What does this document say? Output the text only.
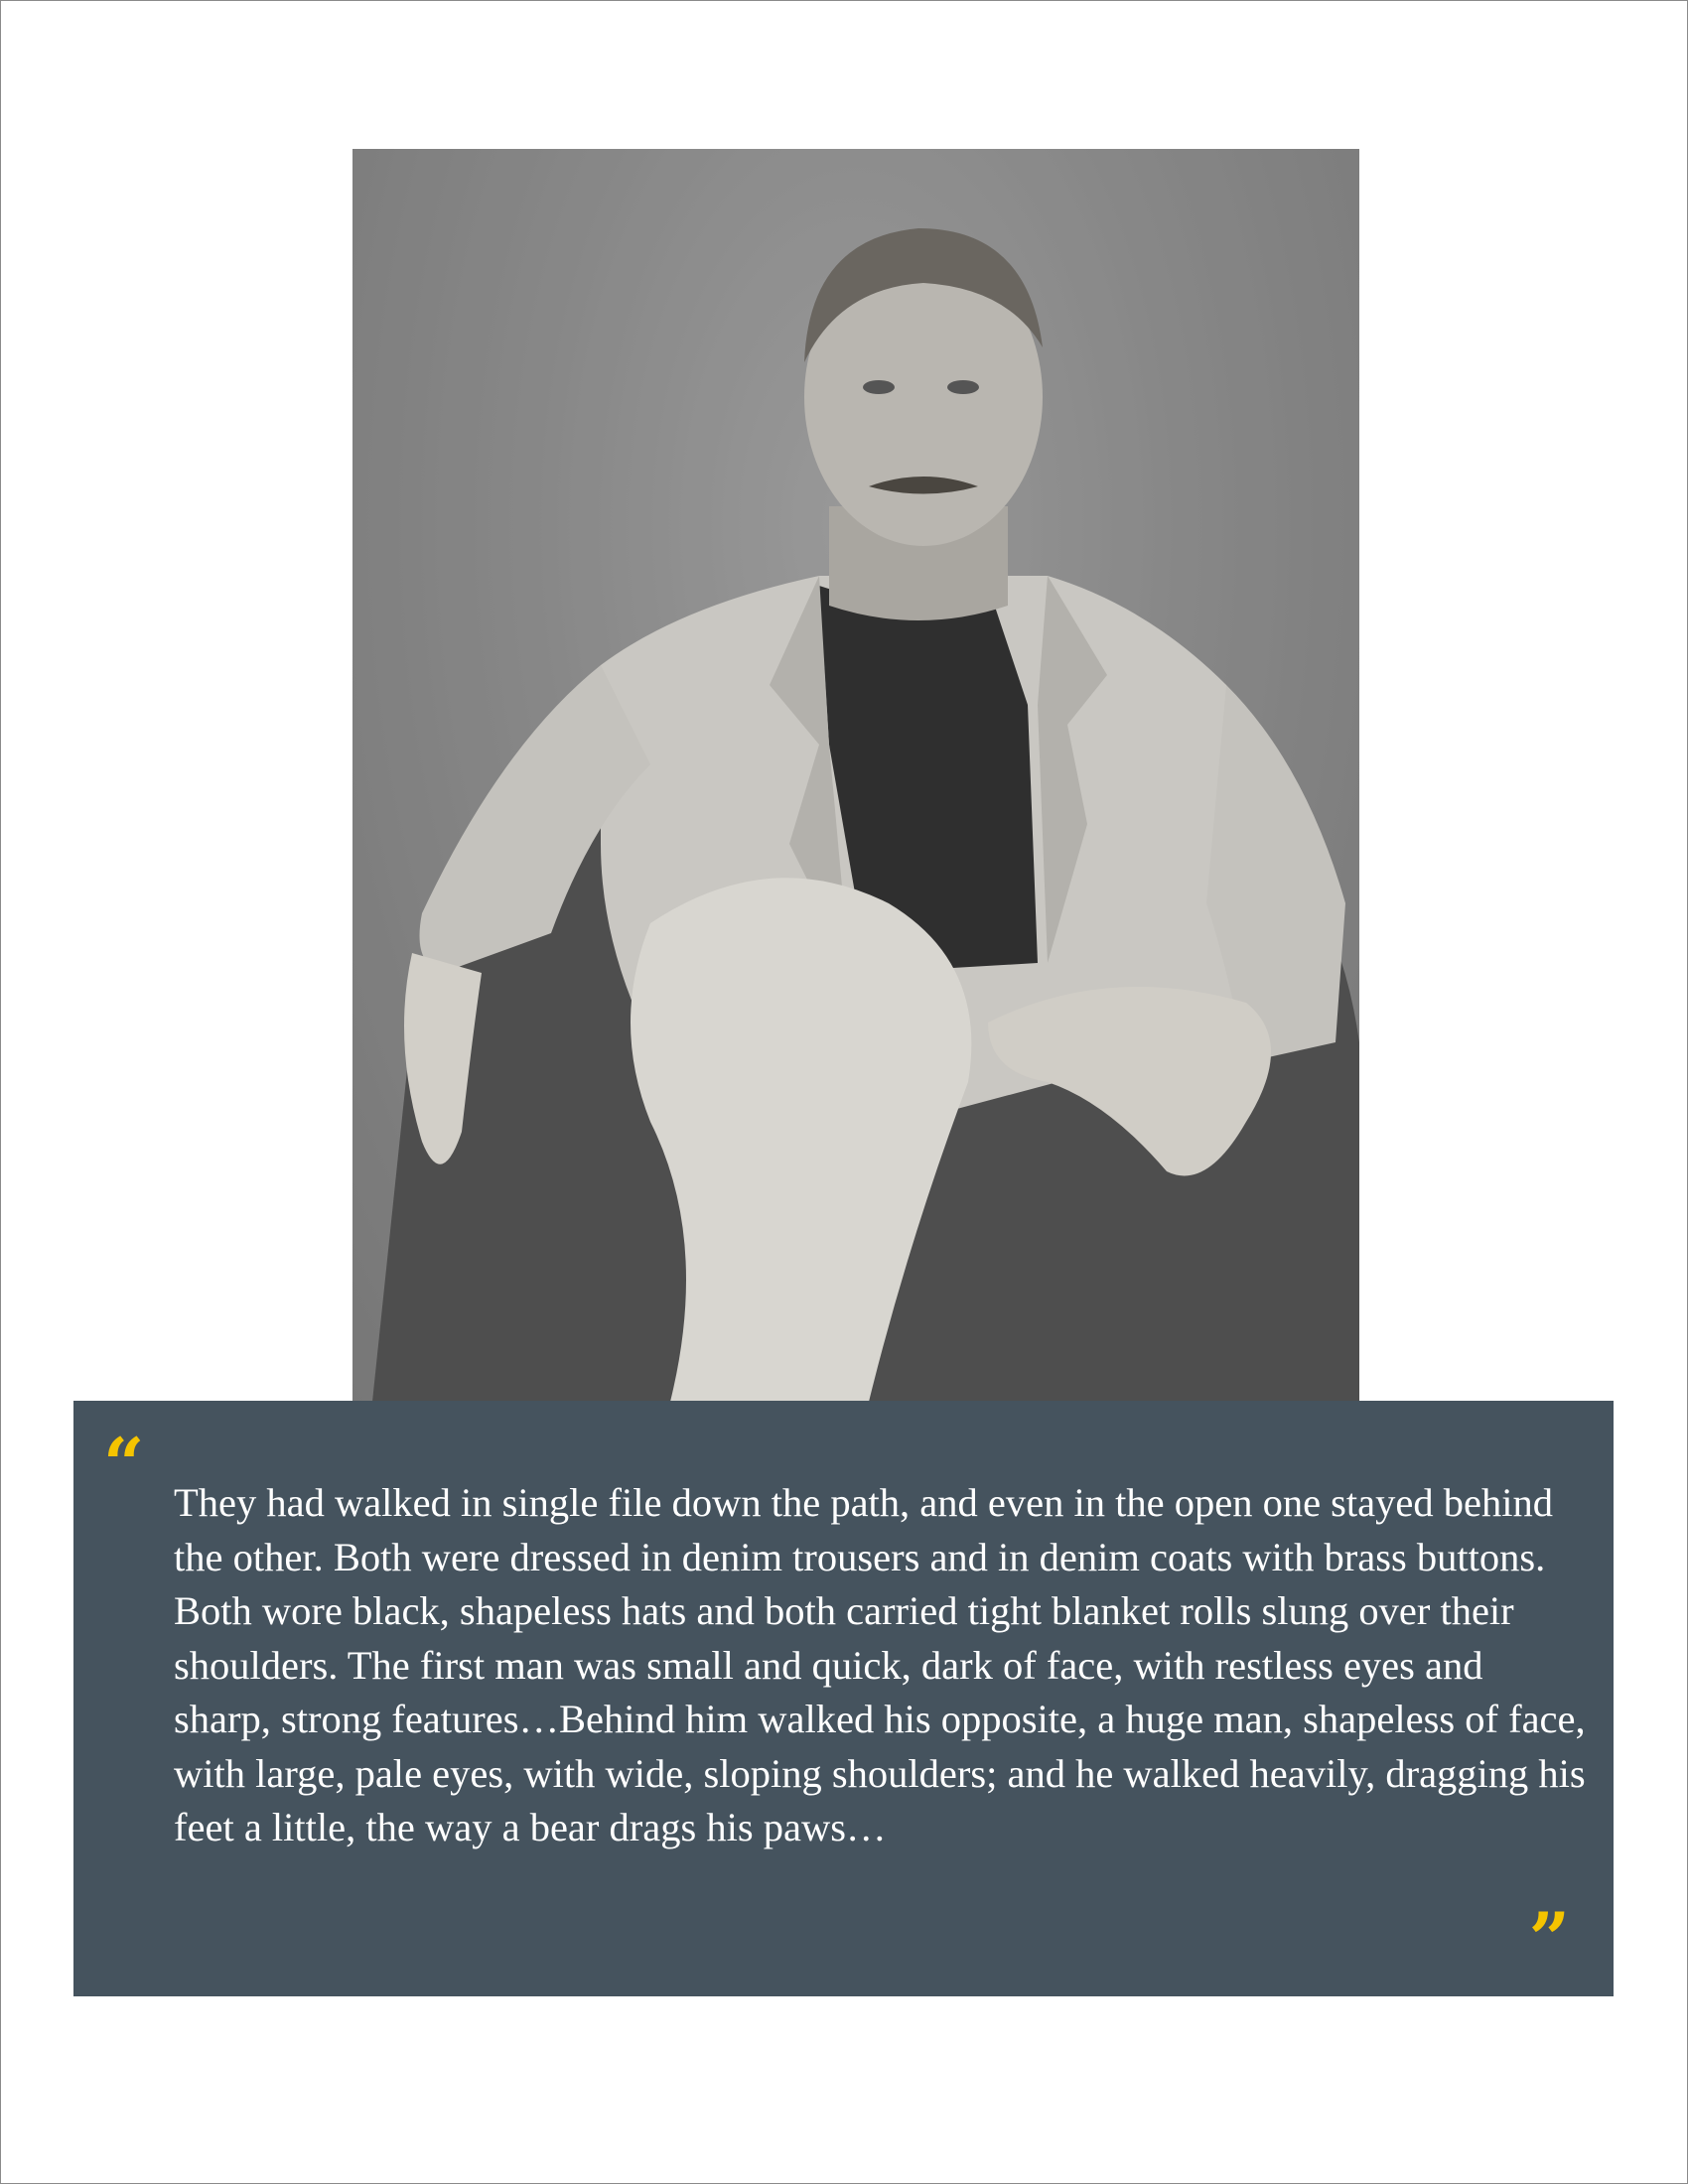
“ They had walked in single file down the path, and even in the open one stayed behind the other. Both were dressed in denim trousers and in denim coats with brass buttons. Both wore black, shapeless hats and both carried tight blanket rolls slung over their shoulders. The first man was small and quick, dark of face, with restless eyes and sharp, strong features…Behind him walked his opposite, a huge man, shapeless of face, with large, pale eyes, with wide, sloping shoulders; and he walked heavily, dragging his feet a little, the way a bear drags his paws…

”
